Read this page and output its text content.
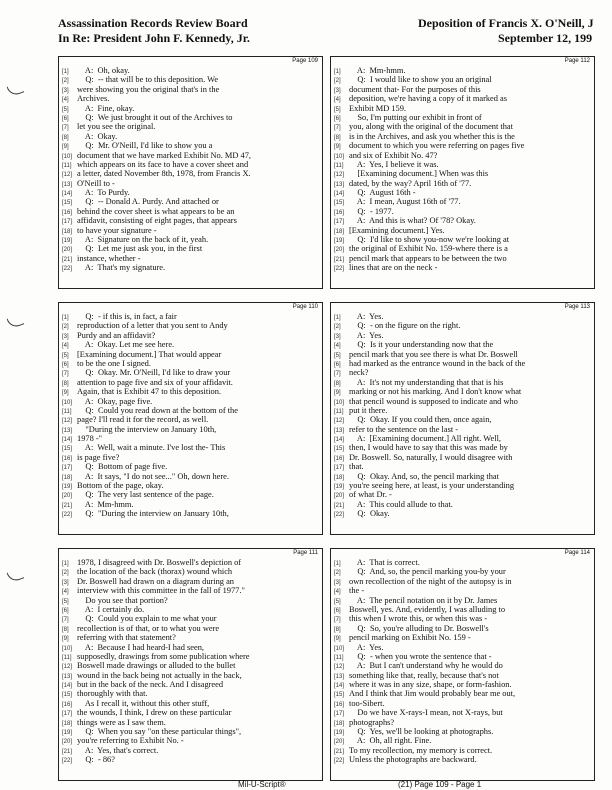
Assassination Records Review Board
In Re: President John F. Kennedy, Jr.
Deposition of Francis X. O'Neill, J
September 12, 199
Page 109
[1]    A:  Oh, okay.
[2]    Q:  -- that will be to this deposition. We
[3] were showing you the original that's in the
[4] Archives.
[5]    A:  Fine, okay.
[6]    Q:  We just brought it out of the Archives to
[7] let you see the original.
[8]    A:  Okay.
[9]    Q:  Mr. O'Neill, I'd like to show you a
[10] document that we have marked Exhibit No. MD 47,
[11] which appears on its face to have a cover sheet and
[12] a letter, dated November 8th, 1978, from Francis X.
[13] O'Neill to -
[14]    A:  To Purdy.
[15]    Q:  -- Donald A. Purdy. And attached or
[16] behind the cover sheet is what appears to be an
[17] affidavit, consisting of eight pages, that appears
[18] to have your signature -
[19]    A:  Signature on the back of it, yeah.
[20]    Q:  Let me just ask you, in the first
[21] instance, whether -
[22]    A:  That's my signature.
Page 112
[1]    A:  Mm-hmm.
[2]    Q:  I would like to show you an original
[3] document that- For the purposes of this
[4] deposition, we're having a copy of it marked as
[5] Exhibit MD 159.
[6]    So, I'm putting our exhibit in front of
[7] you, along with the original of the document that
[8] is in the Archives, and ask you whether this is the
[9] document to which you were referring on pages five
[10] and six of Exhibit No. 47?
[11]    A:  Yes, I believe it was.
[12]    [Examining document.] When was this
[13] dated, by the way? April 16th of '77.
[14]    Q:  August 16th -
[15]    A:  I mean, August 16th of '77.
[16]    Q:  - 1977.
[17]    A:  And this is what? Of '78? Okay.
[18] [Examining document.] Yes.
[19]    Q:  I'd like to show you-now we're looking at
[20] the original of Exhibit No. 159-where there is a
[21] pencil mark that appears to be between the two
[22] lines that are on the neck -
Page 110
[1]    Q:  - if this is, in fact, a fair
[2] reproduction of a letter that you sent to Andy
[3] Purdy and an affidavit?
[4]    A:  Okay. Let me see here.
[5] [Examining document.] That would appear
[6] to be the one I signed.
[7]    Q:  Okay. Mr. O'Neill, I'd like to draw your
[8] attention to page five and six of your affidavit.
[9] Again, that is Exhibit 47 to this deposition.
[10]    A:  Okay, page five.
[11]    Q:  Could you read down at the bottom of the
[12] page? I'll read it for the record, as well.
[13]    "During the interview on January 10th,
[14] 1978 -"
[15]    A:  Well, wait a minute. I've lost the- This
[16] is page five?
[17]    Q:  Bottom of page five.
[18]    A:  It says, "I do not see..." Oh, down here.
[19] Bottom of the page, okay.
[20]    Q:  The very last sentence of the page.
[21]    A:  Mm-hmm.
[22]    Q:  "During the interview on January 10th,
Page 113
[1]    A:  Yes.
[2]    Q:  - on the figure on the right.
[3]    A:  Yes.
[4]    Q:  Is it your understanding now that the
[5] pencil mark that you see there is what Dr. Boswell
[6] had marked as the entrance wound in the back of the
[7] neck?
[8]    A:  It's not my understanding that that is his
[9] marking or not his marking. And I don't know what
[10] that pencil wound is supposed to indicate and who
[11] put it there.
[12]    Q:  Okay. If you could then, once again,
[13] refer to the sentence on the last -
[14]    A:  [Examining document.] All right. Well,
[15] then, I would have to say that this was made by
[16] Dr. Boswell. So, naturally, I would disagree with
[17] that.
[18]    Q:  Okay. And, so, the pencil marking that
[19] you're seeing here, at least, is your understanding
[20] of what Dr. -
[21]    A:  This could allude to that.
[22]    Q:  Okay.
Page 111
[1] 1978, I disagreed with Dr. Boswell's depiction of
[2] the location of the back (thorax) wound which
[3] Dr. Boswell had drawn on a diagram during an
[4] interview with this committee in the fall of 1977."
[5]    Do you see that portion?
[6]    A:  I certainly do.
[7]    Q:  Could you explain to me what your
[8] recollection is of that, or to what you were
[9] referring with that statement?
[10]    A:  Because I had heard-I had seen,
[11] supposedly, drawings from some publication where
[12] Boswell made drawings or alluded to the bullet
[13] wound in the back being not actually in the back,
[14] but in the back of the neck. And I disagreed
[15] thoroughly with that.
[16]    As I recall it, without this other stuff,
[17] the wounds, I think, I drew on these particular
[18] things were as I saw them.
[19]    Q:  When you say "on these particular things",
[20] you're referring to Exhibit No. -
[21]    A:  Yes, that's correct.
[22]    Q:  - 86?
Page 114
[1]    A:  That is correct.
[2]    Q:  And, so, the pencil marking you-by your
[3] own recollection of the night of the autopsy is in
[4] the -
[5]    A:  The pencil notation on it by Dr. James
[6] Boswell, yes. And, evidently, I was alluding to
[7] this when I wrote this, or when this was -
[8]    Q:  So, you're alluding to Dr. Boswell's
[9] pencil marking on Exhibit No. 159 -
[10]    A:  Yes.
[11]    Q:  - when you wrote the sentence that -
[12]    A:  But I can't understand why he would do
[13] something like that, really, because that's not
[14] where it was in any size, shape, or form-fashion.
[15] And I think that Jim would probably bear me out,
[16] too-Sibert.
[17]    Do we have X-rays-I mean, not X-rays, but
[18] photographs?
[19]    Q:  Yes, we'll be looking at photographs.
[20]    A:  Oh, all right. Fine.
[21] To my recollection, my memory is correct.
[22] Unless the photographs are backward.
Mil-U-Script®	(21) Page 109 - Page 1
